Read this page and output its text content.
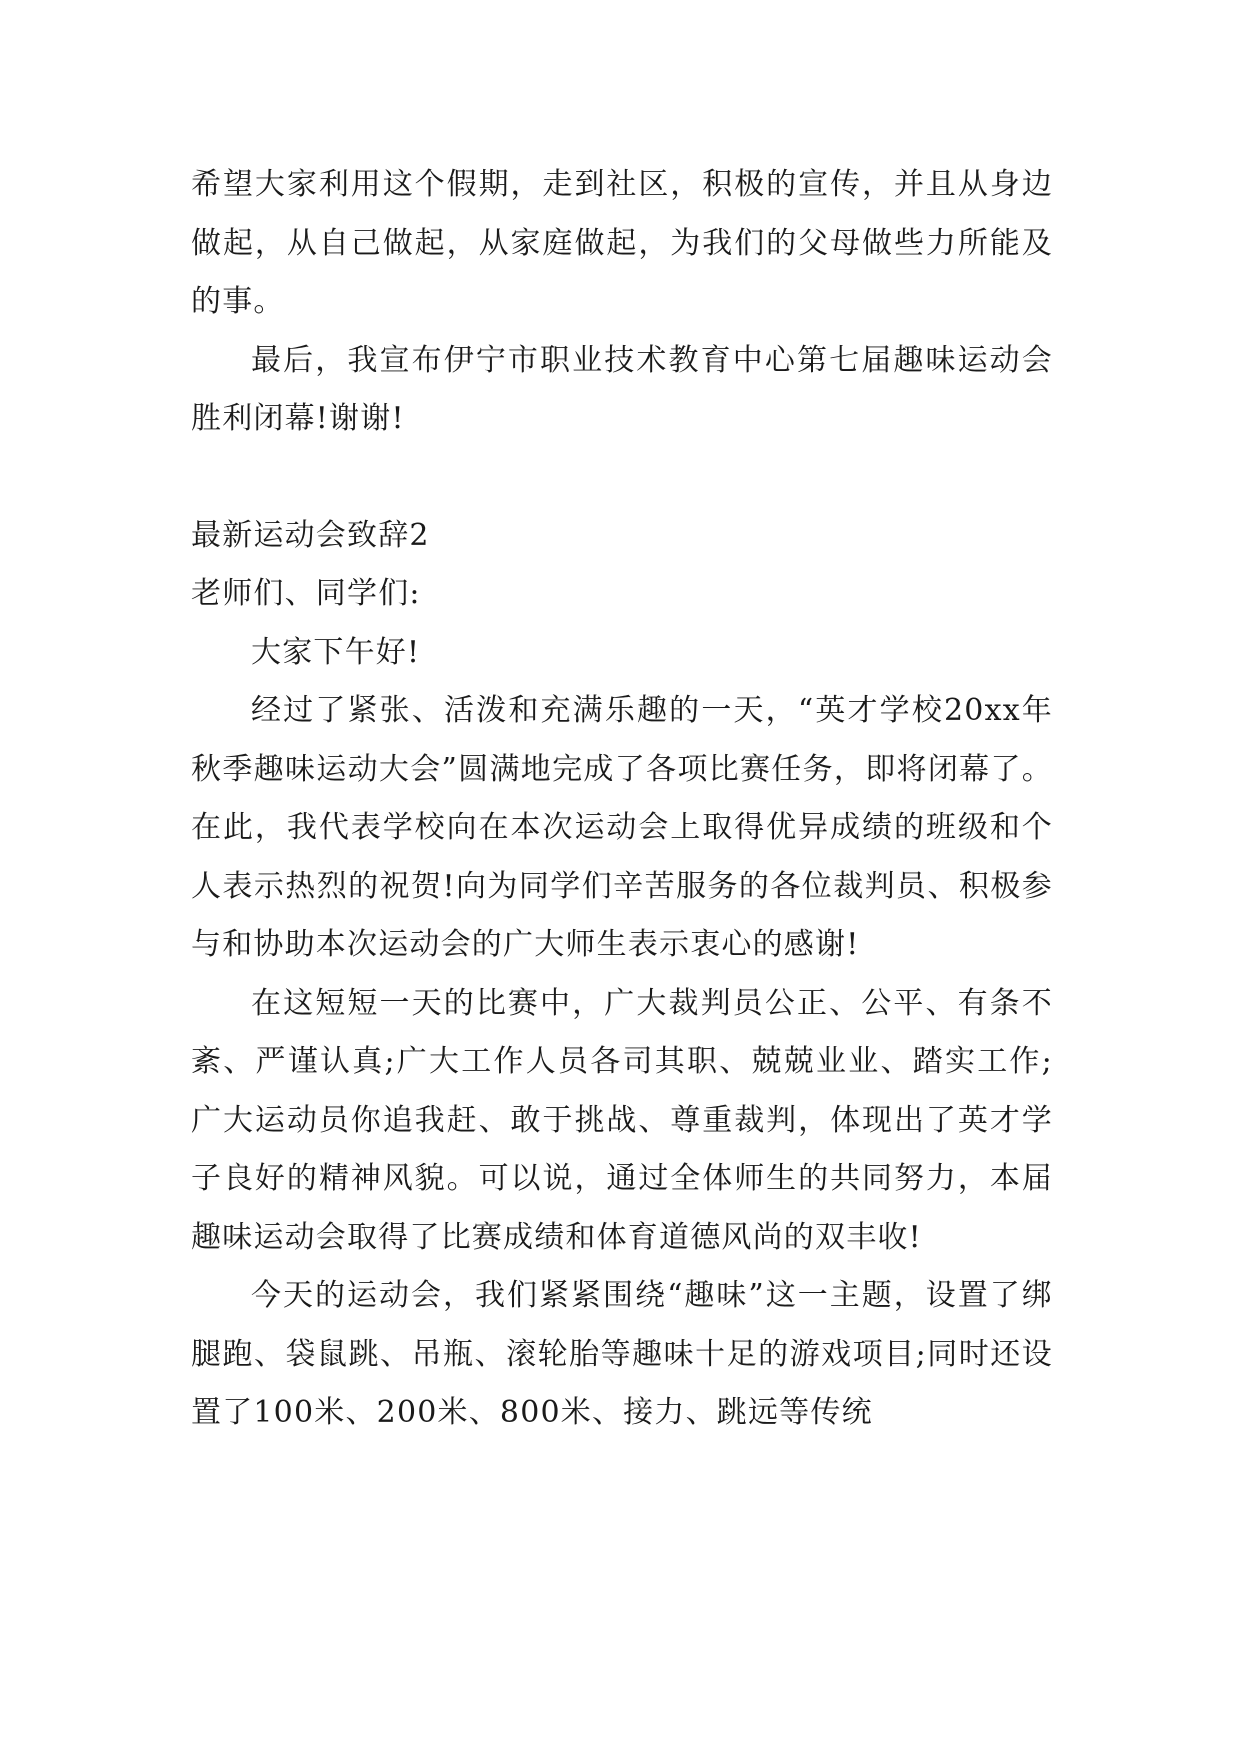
希望大家利用这个假期，走到社区，积极的宣传，并且从身边做起，从自己做起，从家庭做起，为我们的父母做些力所能及的事。

最后，我宣布伊宁市职业技术教育中心第七届趣味运动会胜利闭幕!谢谢!

最新运动会致辞2

老师们、同学们:

大家下午好!

经过了紧张、活泼和充满乐趣的一天，“英才学校20xx年秋季趣味运动大会”圆满地完成了各项比赛任务，即将闭幕了。在此，我代表学校向在本次运动会上取得优异成绩的班级和个人表示热烈的祝贺!向为同学们辛苦服务的各位裁判员、积极参与和协助本次运动会的广大师生表示衷心的感谢!

在这短短一天的比赛中，广大裁判员公正、公平、有条不紊、严谨认真;广大工作人员各司其职、兢兢业业、踏实工作;广大运动员你追我赶、敢于挑战、尊重裁判，体现出了英才学子良好的精神风貌。可以说，通过全体师生的共同努力，本届趣味运动会取得了比赛成绩和体育道德风尚的双丰收!

今天的运动会，我们紧紧围绕“趣味”这一主题，设置了绑腿跑、袋鼠跳、吊瓶、滚轮胎等趣味十足的游戏项目;同时还设置了100米、200米、800米、接力、跳远等传统
